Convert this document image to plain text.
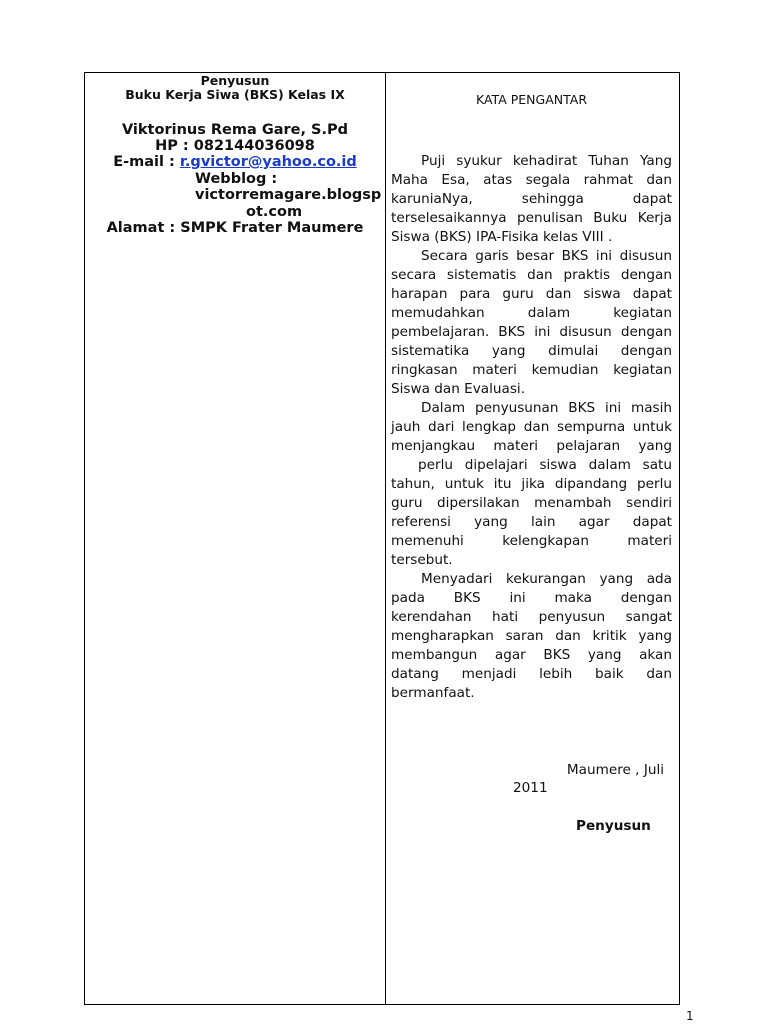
Penyusun
Buku Kerja Siwa (BKS) Kelas IX
Viktorinus Rema Gare, S.Pd
HP : 082144036098
E-mail : r.gvictor@yahoo.co.id
Webblog :
victorremagare.blogsp
ot.com
Alamat : SMPK Frater Maumere
KATA PENGANTAR
Puji syukur kehadirat Tuhan Yang
Maha Esa, atas segala rahmat dan
karuniaNya, sehingga dapat
terselesaikannya penulisan Buku Kerja
Siswa (BKS) IPA-Fisika kelas VIII .
Secara garis besar BKS ini disusun
secara sistematis dan praktis dengan
harapan para guru dan siswa dapat
memudahkan dalam kegiatan
pembelajaran. BKS ini disusun dengan
sistematika yang dimulai dengan
ringkasan materi kemudian kegiatan
Siswa dan Evaluasi.
Dalam penyusunan BKS ini masih
jauh dari lengkap dan sempurna untuk
menjangkau materi pelajaran yang
perlu dipelajari siswa dalam satu
tahun, untuk itu jika dipandang perlu
guru dipersilakan menambah sendiri
referensi yang lain agar dapat
memenuhi kelengkapan materi
tersebut.
Menyadari kekurangan yang ada
pada BKS ini maka dengan
kerendahan hati penyusun sangat
mengharapkan saran dan kritik yang
membangun agar BKS yang akan
datang menjadi lebih baik dan
bermanfaat.
Maumere , Juli
2011
Penyusun
1
